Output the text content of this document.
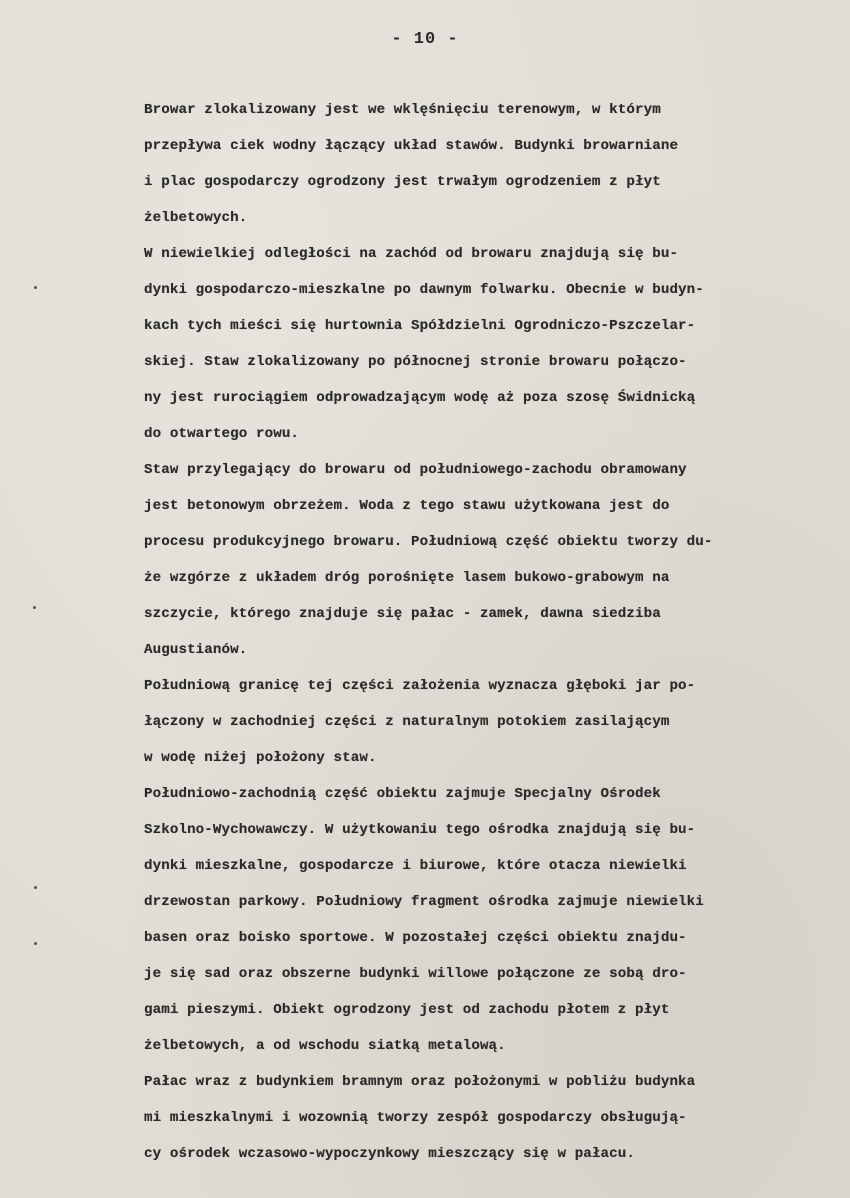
- 10 -
Browar zlokalizowany jest we wklęśnięciu terenowym, w którym
przepływa ciek wodny łączący układ stawów. Budynki browarniane
i plac gospodarczy ogrodzony jest trwałym ogrodzeniem z płyt
żelbetowych.
W niewielkiej odległości na zachód od browaru znajdują się bu-
dynki gospodarczo-mieszkalne po dawnym folwarku. Obecnie w budyn-
kach tych mieści się hurtownia Spółdzielni Ogrodniczo-Pszczelar-
skiej. Staw zlokalizowany po północnej stronie browaru połączo-
ny jest rurociągiem odprowadzającym wodę aż poza szosę Świdnicką
do otwartego rowu.
Staw przylegający do browaru od południowego-zachodu obramowany
jest betonowym obrzeżem. Woda z tego stawu użytkowana jest do
procesu produkcyjnego browaru. Południową część obiektu tworzy du-
że wzgórze z układem dróg porośnięte lasem bukowo-grabowym na
szczycie, którego znajduje się pałac - zamek, dawna siedziba
Augustianów.
Południową granicę tej części założenia wyznacza głęboki jar po-
łączony w zachodniej części z naturalnym potokiem zasilającym
w wodę niżej położony staw.
Południowo-zachodnią część obiektu zajmuje Specjalny Ośrodek
Szkolno-Wychowawczy. W użytkowaniu tego ośrodka znajdują się bu-
dynki mieszkalne, gospodarcze i biurowe, które otacza niewielki
drzewostan parkowy. Południowy fragment ośrodka zajmuje niewielki
basen oraz boisko sportowe. W pozostałej części obiektu znajdu-
je się sad oraz obszerne budynki willowe połączone ze sobą dro-
gami pieszymi. Obiekt ogrodzony jest od zachodu płotem z płyt
żelbetowych, a od wschodu siatką metalową.
Pałac wraz z budynkiem bramnym oraz położonymi w pobliżu budynka
mi mieszkalnymi i wozownią tworzy zespół gospodarczy obsługują-
cy ośrodek wczasowo-wypoczynkowy mieszczący się w pałacu.
